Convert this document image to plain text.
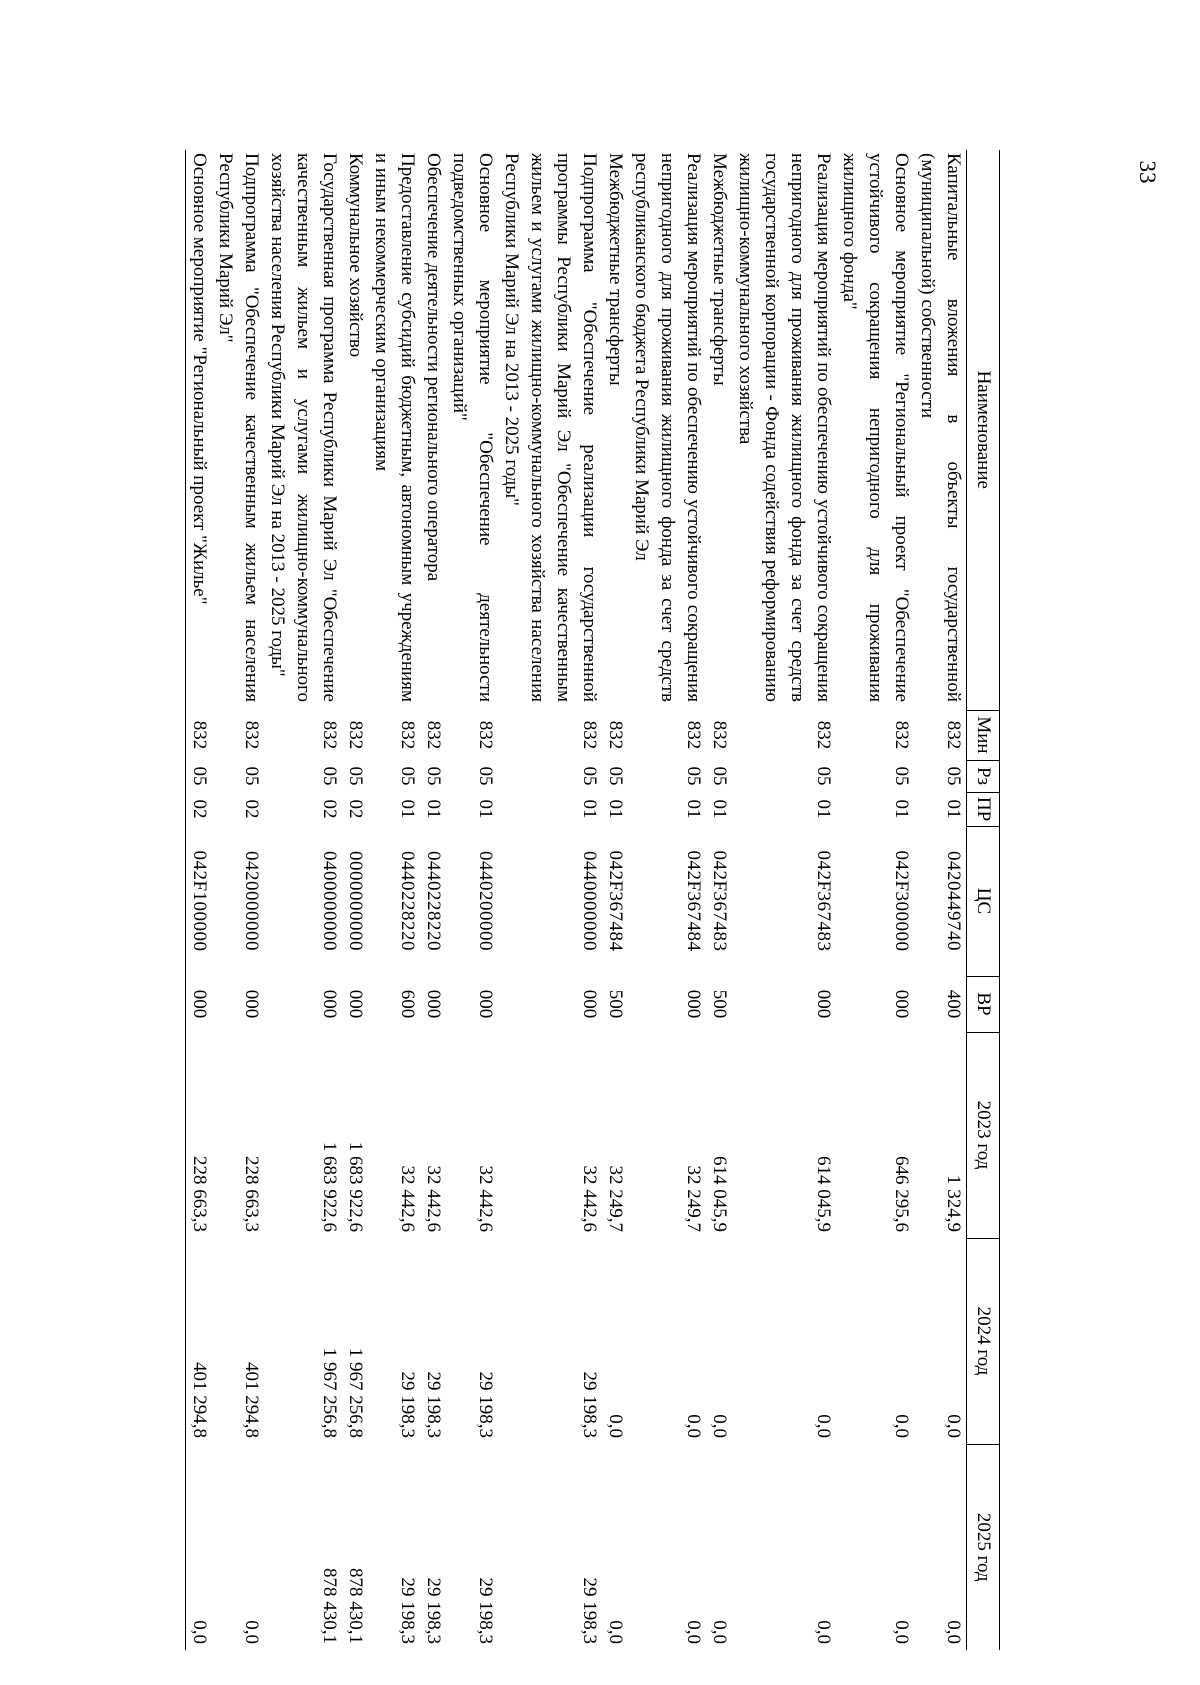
33
Наименование	Мин	Рз	ПР	ЦС	ВР	2023 год	2024 год	2025 год
Капитальные вложения в объекты государственной (муниципальной) собственности	832	05	01	0420449740	400	1 324,9	0,0	0,0
Основное мероприятие "Региональный проект "Обеспечение устойчивого сокращения непригодного для проживания жилищного фонда"	832	05	01	042F300000	000	646 295,6	0,0	0,0
Реализация мероприятий по обеспечению устойчивого сокращения непригодного для проживания жилищного фонда за счет средств государственной корпорации - Фонда содействия реформированию жилищно-коммунального хозяйства	832	05	01	042F367483	000	614 045,9	0,0	0,0
Межбюджетные трансферты	832	05	01	042F367483	500	614 045,9	0,0	0,0
Реализация мероприятий по обеспечению устойчивого сокращения непригодного для проживания жилищного фонда за счет средств республиканского бюджета Республики Марий Эл	832	05	01	042F367484	000	32 249,7	0,0	0,0
Межбюджетные трансферты	832	05	01	042F367484	500	32 249,7	0,0	0,0
Подпрограмма "Обеспечение реализации государственной программы Республики Марий Эл "Обеспечение качественным жильем и услугами жилищно-коммунального хозяйства населения Республики Марий Эл на 2013 - 2025 годы"	832	05	01	0440000000	000	32 442,6	29 198,3	29 198,3
Основное мероприятие "Обеспечение деятельности подведомственных организаций"	832	05	01	0440200000	000	32 442,6	29 198,3	29 198,3
Обеспечение деятельности регионального оператора	832	05	01	0440228220	000	32 442,6	29 198,3	29 198,3
Предоставление субсидий бюджетным, автономным учреждениям и иным некоммерческим организациям	832	05	01	0440228220	600	32 442,6	29 198,3	29 198,3
Коммунальное хозяйство	832	05	02	0000000000	000	1 683 922,6	1 967 256,8	878 430,1
Государственная программа Республики Марий Эл "Обеспечение качественным жильем и услугами жилищно-коммунального хозяйства населения Республики Марий Эл на 2013 - 2025 годы"	832	05	02	0400000000	000	1 683 922,6	1 967 256,8	878 430,1
Подпрограмма "Обеспечение качественным жильем населения Республики Марий Эл"	832	05	02	0420000000	000	228 663,3	401 294,8	0,0
Основное мероприятие "Региональный проект "Жилье"	832	05	02	042F100000	000	228 663,3	401 294,8	0,0
